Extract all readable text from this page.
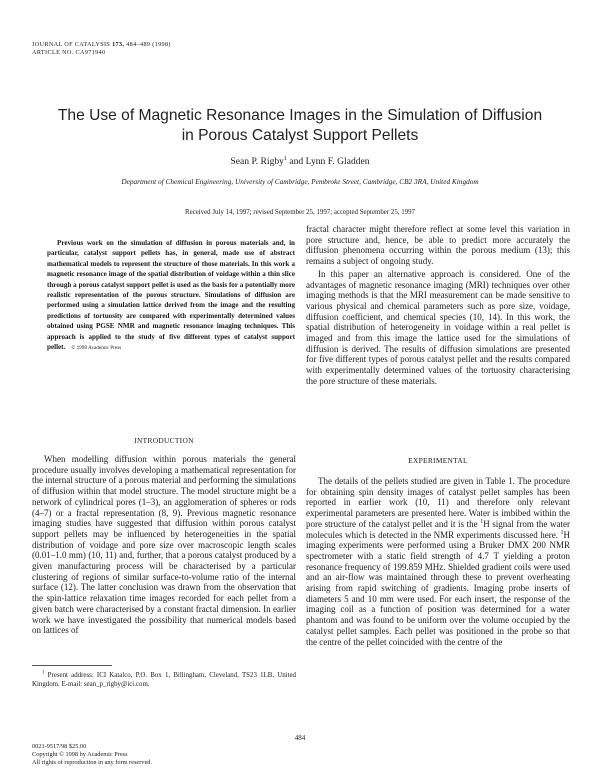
JOURNAL OF CATALYSIS 173, 484–489 (1998)
ARTICLE NO. CA971940
The Use of Magnetic Resonance Images in the Simulation of Diffusion
in Porous Catalyst Support Pellets
Sean P. Rigby$^1$ and Lynn F. Gladden
Department of Chemical Engineering, University of Cambridge, Pembroke Street, Cambridge, CB2 3RA, United Kingdom
Received July 14, 1997; revised September 25, 1997; accepted September 25, 1997
Previous work on the simulation of diffusion in porous materials and, in particular, catalyst support pellets has, in general, made use of abstract mathematical models to represent the structure of those materials. In this work a magnetic resonance image of the spatial distribution of voidage within a thin slice through a porous catalyst support pellet is used as the basis for a potentially more realistic representation of the porous structure. Simulations of diffusion are performed using a simulation lattice derived from the image and the resulting predictions of tortuosity are compared with experimentally determined values obtained using PGSE NMR and magnetic resonance imaging techniques. This approach is applied to the study of five different types of catalyst support pellet. © 1998 Academic Press
INTRODUCTION

When modelling diffusion within porous materials the general procedure usually involves developing a mathematical representation for the internal structure of a porous material and performing the simulations of diffusion within that model structure. The model structure might be a network of cylindrical pores (1–3), an agglomeration of spheres or rods (4–7) or a fractal representation (8, 9). Previous magnetic resonance imaging studies have suggested that diffusion within porous catalyst support pellets may be influenced by heterogeneities in the spatial distribution of voidage and pore size over macroscopic length scales (0.01–1.0 mm) (10, 11) and, further, that a porous catalyst produced by a given manufacturing process will be characterised by a particular clustering of regions of similar surface-to-volume ratio of the internal surface (12). The latter conclusion was drawn from the observation that the spin-lattice relaxation time images recorded for each pellet from a given batch were characterised by a constant fractal dimension. In earlier work we have investigated the possibility that numerical models based on lattices of

fractal character might therefore reflect at some level this variation in pore structure and, hence, be able to predict more accurately the diffusion phenomena occurring within the porous medium (13); this remains a subject of ongoing study.

In this paper an alternative approach is considered. One of the advantages of magnetic resonance imaging (MRI) techniques over other imaging methods is that the MRI measurement can be made sensitive to various physical and chemical parameters such as pore size, voidage, diffusion coefficient, and chemical species (10, 14). In this work, the spatial distribution of heterogeneity in voidage within a real pellet is imaged and from this image the lattice used for the simulations of diffusion is derived. The results of diffusion simulations are presented for five different types of porous catalyst pellet and the results compared with experimentally determined values of the tortuosity characterising the pore structure of these materials.

EXPERIMENTAL

The details of the pellets studied are given in Table 1. The procedure for obtaining spin density images of catalyst pellet samples has been reported in earlier work (10, 11) and therefore only relevant experimental parameters are presented here. Water is imbibed within the pore structure of the catalyst pellet and it is the $^1$H signal from the water molecules which is detected in the NMR experiments discussed here. $^1$H imaging experiments were performed using a Bruker DMX 200 NMR spectrometer with a static field strength of 4.7 T yielding a proton resonance frequency of 199.859 MHz. Shielded gradient coils were used and an air-flow was maintained through these to prevent overheating arising from rapid switching of gradients. Imaging probe inserts of diameters 5 and 10 mm were used. For each insert, the response of the imaging coil as a function of position was determined for a water phantom and was found to be uniform over the volume occupied by the catalyst pellet samples. Each pellet was positioned in the probe so that the centre of the pellet coincided with the centre of the

$^1$ Present address: ICI Katalco, P.O. Box 1, Billingham, Cleveland, TS23 1LB, United Kingdom. E-mail: sean_p_rigby@ici.com.

484
0021-9517/98 $25.00
Copyright © 1998 by Academic Press
All rights of reproduction in any form reserved.
